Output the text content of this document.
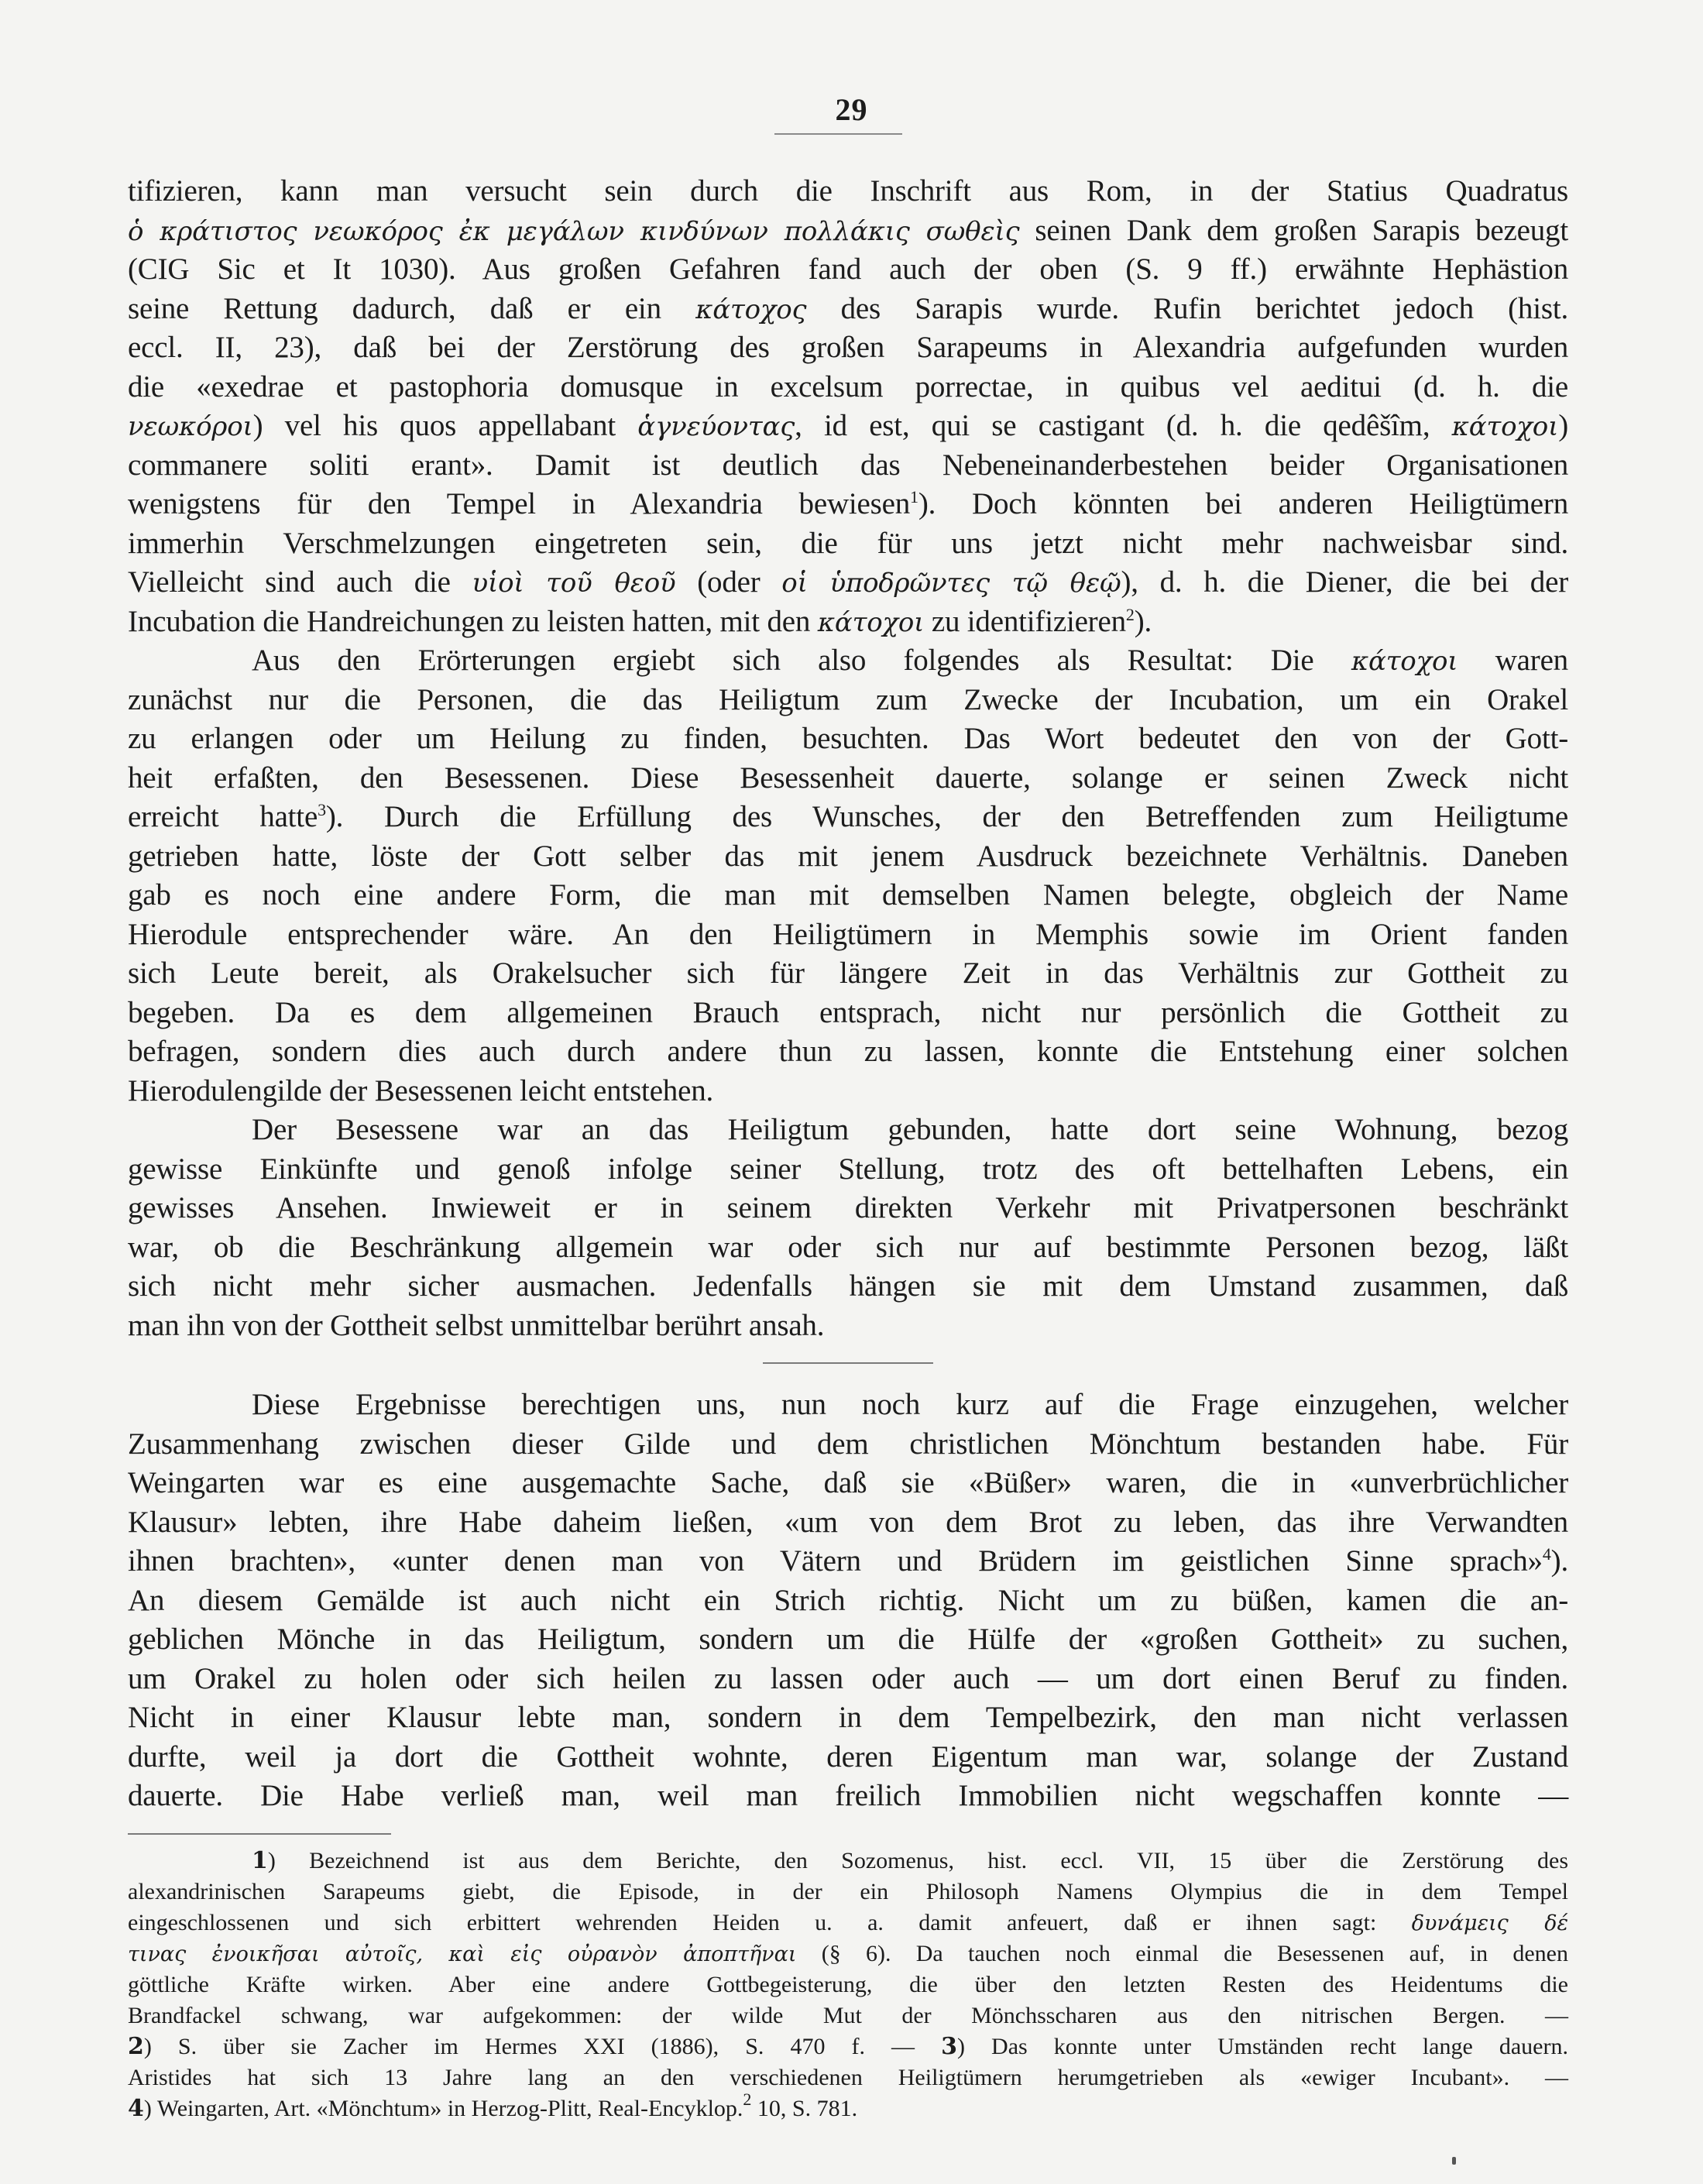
29
tifizieren, kann man versucht sein durch die Inschrift aus Rom, in der Statius Quadratus
ὁ κράτιστος νεωκόρος ἐκ μεγάλων κινδύνων πολλάκις σωθεὶς seinen Dank dem großen Sarapis bezeugt
(CIG Sic et It 1030). Aus großen Gefahren fand auch der oben (S. 9 ff.) erwähnte Hephästion
seine Rettung dadurch, daß er ein κάτοχος des Sarapis wurde. Rufin berichtet jedoch (hist.
eccl. II, 23), daß bei der Zerstörung des großen Sarapeums in Alexandria aufgefunden wurden
die «exedrae et pastophoria domusque in excelsum porrectae, in quibus vel aeditui (d. h. die
νεωκόροι) vel his quos appellabant ἁγνεύοντας, id est, qui se castigant (d. h. die qedêšîm, κάτοχοι)
commanere soliti erant». Damit ist deutlich das Nebeneinanderbestehen beider Organisationen
wenigstens für den Tempel in Alexandria bewiesen$^1$). Doch könnten bei anderen Heiligtümern
immerhin Verschmelzungen eingetreten sein, die für uns jetzt nicht mehr nachweisbar sind.
Vielleicht sind auch die υἱοὶ τοῦ θεοῦ (oder οἱ ὑποδρῶντες τῷ θεῷ), d. h. die Diener, die bei der
Incubation die Handreichungen zu leisten hatten, mit den κάτοχοι zu identifizieren$^2$).
Aus den Erörterungen ergiebt sich also folgendes als Resultat: Die κάτοχοι waren
zunächst nur die Personen, die das Heiligtum zum Zwecke der Incubation, um ein Orakel
zu erlangen oder um Heilung zu finden, besuchten. Das Wort bedeutet den von der Gott-
heit erfaßten, den Besessenen. Diese Besessenheit dauerte, solange er seinen Zweck nicht
erreicht hatte$^3$). Durch die Erfüllung des Wunsches, der den Betreffenden zum Heiligtume
getrieben hatte, löste der Gott selber das mit jenem Ausdruck bezeichnete Verhältnis. Daneben
gab es noch eine andere Form, die man mit demselben Namen belegte, obgleich der Name
Hierodule entsprechender wäre. An den Heiligtümern in Memphis sowie im Orient fanden
sich Leute bereit, als Orakelsucher sich für längere Zeit in das Verhältnis zur Gottheit zu
begeben. Da es dem allgemeinen Brauch entsprach, nicht nur persönlich die Gottheit zu
befragen, sondern dies auch durch andere thun zu lassen, konnte die Entstehung einer solchen
Hierodulengilde der Besessenen leicht entstehen.
Der Besessene war an das Heiligtum gebunden, hatte dort seine Wohnung, bezog
gewisse Einkünfte und genoß infolge seiner Stellung, trotz des oft bettelhaften Lebens, ein
gewisses Ansehen. Inwieweit er in seinem direkten Verkehr mit Privatpersonen beschränkt
war, ob die Beschränkung allgemein war oder sich nur auf bestimmte Personen bezog, läßt
sich nicht mehr sicher ausmachen. Jedenfalls hängen sie mit dem Umstand zusammen, daß
man ihn von der Gottheit selbst unmittelbar berührt ansah.
Diese Ergebnisse berechtigen uns, nun noch kurz auf die Frage einzugehen, welcher
Zusammenhang zwischen dieser Gilde und dem christlichen Mönchtum bestanden habe. Für
Weingarten war es eine ausgemachte Sache, daß sie «Büßer» waren, die in «unverbrüchlicher
Klausur» lebten, ihre Habe daheim ließen, «um von dem Brot zu leben, das ihre Verwandten
ihnen brachten», «unter denen man von Vätern und Brüdern im geistlichen Sinne sprach»$^4$).
An diesem Gemälde ist auch nicht ein Strich richtig. Nicht um zu büßen, kamen die an-
geblichen Mönche in das Heiligtum, sondern um die Hülfe der «großen Gottheit» zu suchen,
um Orakel zu holen oder sich heilen zu lassen oder auch — um dort einen Beruf zu finden.
Nicht in einer Klausur lebte man, sondern in dem Tempelbezirk, den man nicht verlassen
durfte, weil ja dort die Gottheit wohnte, deren Eigentum man war, solange der Zustand
dauerte. Die Habe verließ man, weil man freilich Immobilien nicht wegschaffen konnte —
1) Bezeichnend ist aus dem Berichte, den Sozomenus, hist. eccl. VII, 15 über die Zerstörung des
alexandrinischen Sarapeums giebt, die Episode, in der ein Philosoph Namens Olympius die in dem Tempel
eingeschlossenen und sich erbittert wehrenden Heiden u. a. damit anfeuert, daß er ihnen sagt: δυνάμεις δέ
τινας ἐνοικῆσαι αὐτοῖς, καὶ εἰς οὐρανὸν ἀποπτῆναι (§ 6). Da tauchen noch einmal die Besessenen auf, in denen
göttliche Kräfte wirken. Aber eine andere Gottbegeisterung, die über den letzten Resten des Heidentums die
Brandfackel schwang, war aufgekommen: der wilde Mut der Mönchsscharen aus den nitrischen Bergen. —
2) S. über sie Zacher im Hermes XXI (1886), S. 470 f. — 3) Das konnte unter Umständen recht lange dauern.
Aristides hat sich 13 Jahre lang an den verschiedenen Heiligtümern herumgetrieben als «ewiger Incubant». —
4) Weingarten, Art. «Mönchtum» in Herzog-Plitt, Real-Encyklop.$^2$ 10, S. 781.
